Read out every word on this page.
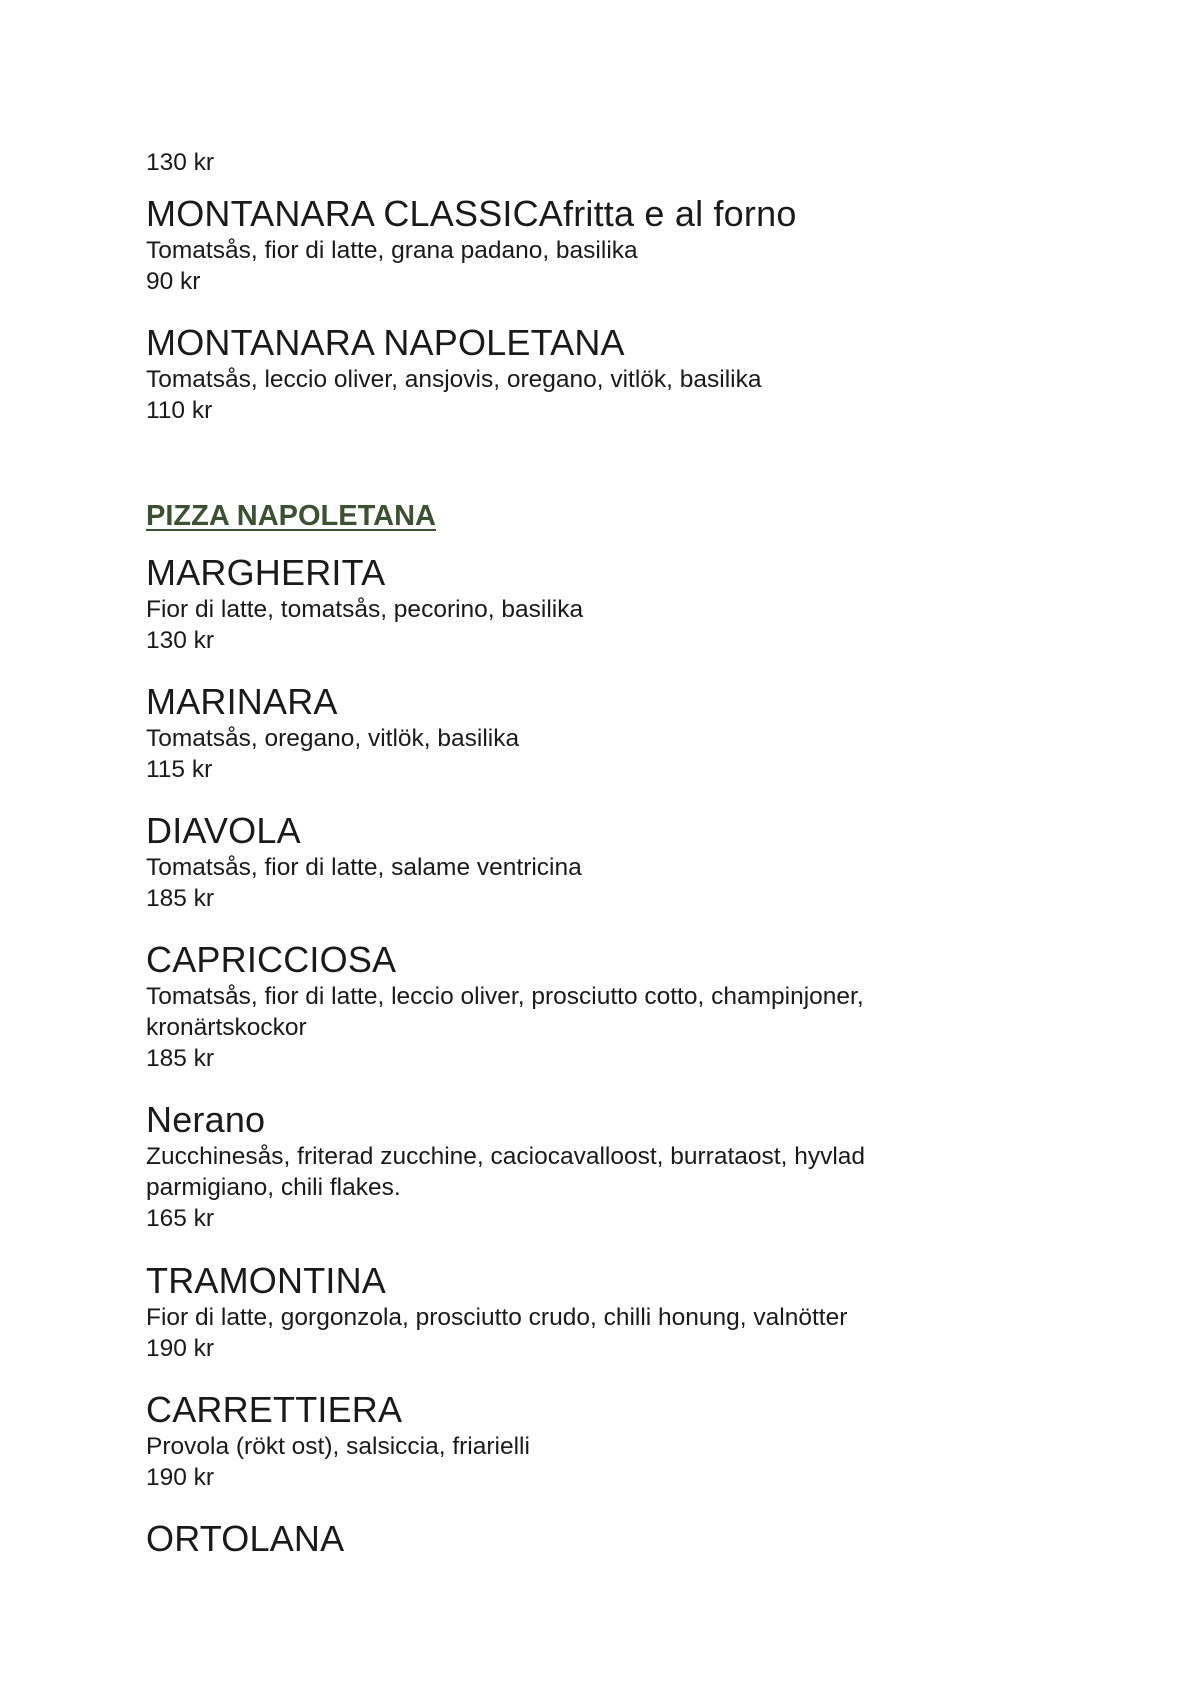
130 kr

MONTANARA CLASSICAfritta e al forno

Tomatsås, fior di latte, grana padano, basilika

90 kr

MONTANARA NAPOLETANA

Tomatsås, leccio oliver, ansjovis, oregano, vitlök, basilika

110 kr

PIZZA NAPOLETANA
MARGHERITA

Fior di latte, tomatsås, pecorino, basilika

130 kr

MARINARA

Tomatsås, oregano, vitlök, basilika

115 kr

DIAVOLA

Tomatsås, fior di latte, salame ventricina

185 kr

CAPRICCIOSA

Tomatsås, fior di latte, leccio oliver, prosciutto cotto, champinjoner, kronärtskockor

185 kr

Nerano

Zucchinesås, friterad zucchine, caciocavalloost, burrataost, hyvlad parmigiano, chili flakes.

165 kr

TRAMONTINA

Fior di latte, gorgonzola, prosciutto crudo, chilli honung, valnötter

190 kr

CARRETTIERA

Provola (rökt ost), salsiccia, friarielli

190 kr

ORTOLANA
